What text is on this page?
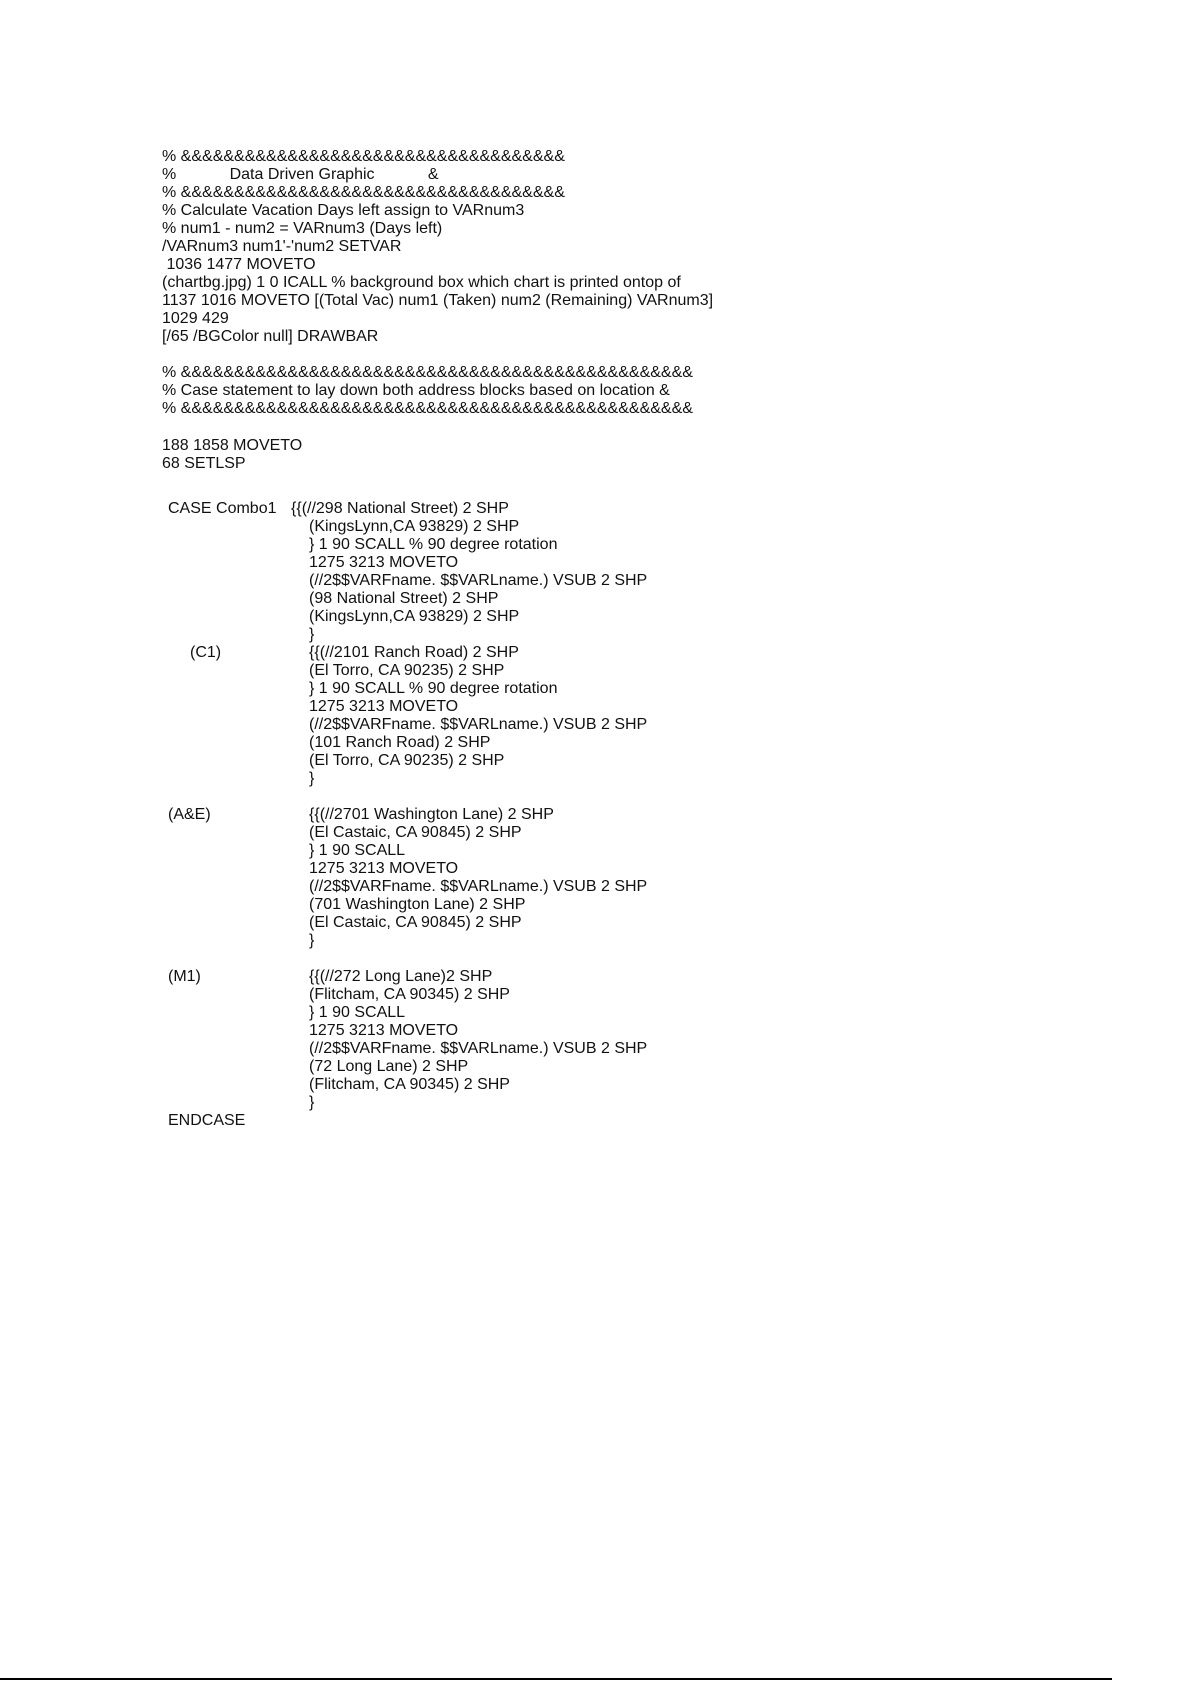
% &&&&&&&&&&&&&&&&&&&&&&&&&&&&&&&&&&&&
%            Data Driven Graphic            &
% &&&&&&&&&&&&&&&&&&&&&&&&&&&&&&&&&&&&
% Calculate Vacation Days left assign to VARnum3
% num1 - num2 = VARnum3 (Days left)
/VARnum3 num1'-'num2 SETVAR
1036 1477 MOVETO
(chartbg.jpg) 1 0 ICALL % background box which chart is printed ontop of
1137 1016 MOVETO [(Total Vac) num1 (Taken) num2 (Remaining) VARnum3]
1029 429
[/65 /BGColor null] DRAWBAR
% &&&&&&&&&&&&&&&&&&&&&&&&&&&&&&&&&&&&&&&&&&&&&&&&
% Case statement to lay down both address blocks based on location &
% &&&&&&&&&&&&&&&&&&&&&&&&&&&&&&&&&&&&&&&&&&&&&&&&
188 1858 MOVETO
68 SETLSP
CASE Combo1 {{(//298 National Street) 2 SHP
(KingsLynn,CA 93829) 2 SHP
} 1 90 SCALL % 90 degree rotation
1275 3213 MOVETO
(//2$$VARFname. $$VARLname.) VSUB 2 SHP
(98 National Street) 2 SHP
(KingsLynn,CA 93829) 2 SHP
}
(C1)	{{(//2101 Ranch Road) 2 SHP
(El Torro, CA 90235) 2 SHP
} 1 90 SCALL % 90 degree rotation
1275 3213 MOVETO
(//2$$VARFname. $$VARLname.) VSUB 2 SHP
(101 Ranch Road) 2 SHP
(El Torro, CA 90235) 2 SHP
}
(A&E)	{{(//2701 Washington Lane) 2 SHP
(El Castaic, CA 90845) 2 SHP
} 1 90 SCALL
1275 3213 MOVETO
(//2$$VARFname. $$VARLname.) VSUB 2 SHP
(701 Washington Lane) 2 SHP
(El Castaic, CA 90845) 2 SHP
}
(M1)	{{(//272 Long Lane)2 SHP
(Flitcham, CA 90345) 2 SHP
} 1 90 SCALL
1275 3213 MOVETO
(//2$$VARFname. $$VARLname.) VSUB 2 SHP
(72 Long Lane) 2 SHP
(Flitcham, CA 90345) 2 SHP
}
ENDCASE
